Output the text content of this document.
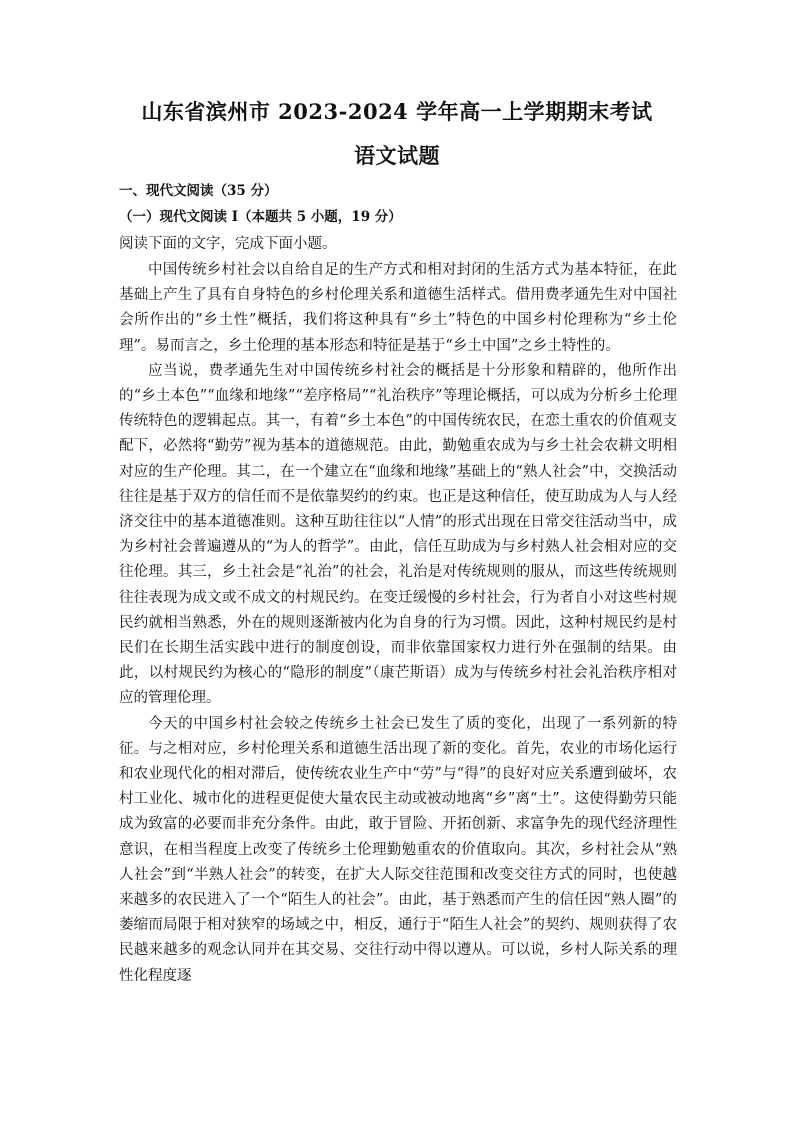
山东省滨州市 2023-2024 学年高一上学期期末考试
语文试题
一、现代文阅读（35 分）
（一）现代文阅读 I（本题共 5 小题，19 分）
阅读下面的文字，完成下面小题。

中国传统乡村社会以自给自足的生产方式和相对封闭的生活方式为基本特征，在此基础上产生了具有自身特色的乡村伦理关系和道德生活样式。借用费孝通先生对中国社会所作出的“乡土性”概括，我们将这种具有“乡土”特色的中国乡村伦理称为“乡土伦理”。易而言之，乡土伦理的基本形态和特征是基于“乡土中国”之乡土特性的。

应当说，费孝通先生对中国传统乡村社会的概括是十分形象和精辟的，他所作出的“乡土本色”“血缘和地缘”“差序格局”“礼治秩序”等理论概括，可以成为分析乡土伦理传统特色的逻辑起点。其一，有着“乡土本色”的中国传统农民，在恋土重农的价值观支配下，必然将“勤劳”视为基本的道德规范。由此，勤勉重农成为与乡土社会农耕文明相对应的生产伦理。其二，在一个建立在“血缘和地缘”基础上的“熟人社会”中，交换活动往往是基于双方的信任而不是依靠契约的约束。也正是这种信任，使互助成为人与人经济交往中的基本道德准则。这种互助往往以“人情”的形式出现在日常交往活动当中，成为乡村社会普遍遵从的“为人的哲学”。由此，信任互助成为与乡村熟人社会相对应的交往伦理。其三，乡土社会是“礼治”的社会，礼治是对传统规则的服从，而这些传统规则往往表现为成文或不成文的村规民约。在变迁缓慢的乡村社会，行为者自小对这些村规民约就相当熟悉，外在的规则逐渐被内化为自身的行为习惯。因此，这种村规民约是村民们在长期生活实践中进行的制度创设，而非依靠国家权力进行外在强制的结果。由此，以村规民约为核心的“隐形的制度”（康芒斯语）成为与传统乡村社会礼治秩序相对应的管理伦理。

今天的中国乡村社会较之传统乡土社会已发生了质的变化，出现了一系列新的特征。与之相对应，乡村伦理关系和道德生活出现了新的变化。首先，农业的市场化运行和农业现代化的相对滞后，使传统农业生产中“劳”与“得”的良好对应关系遭到破坏，农村工业化、城市化的进程更促使大量农民主动或被动地离“乡”离“土”。这使得勤劳只能成为致富的必要而非充分条件。由此，敢于冒险、开拓创新、求富争先的现代经济理性意识，在相当程度上改变了传统乡土伦理勤勉重农的价值取向。其次，乡村社会从“熟人社会”到“半熟人社会”的转变，在扩大人际交往范围和改变交往方式的同时，也使越来越多的农民进入了一个“陌生人的社会”。由此，基于熟悉而产生的信任因“熟人圈”的萎缩而局限于相对狭窄的场域之中，相反，通行于“陌生人社会”的契约、规则获得了农民越来越多的观念认同并在其交易、交往行动中得以遵从。可以说，乡村人际关系的理性化程度逐
